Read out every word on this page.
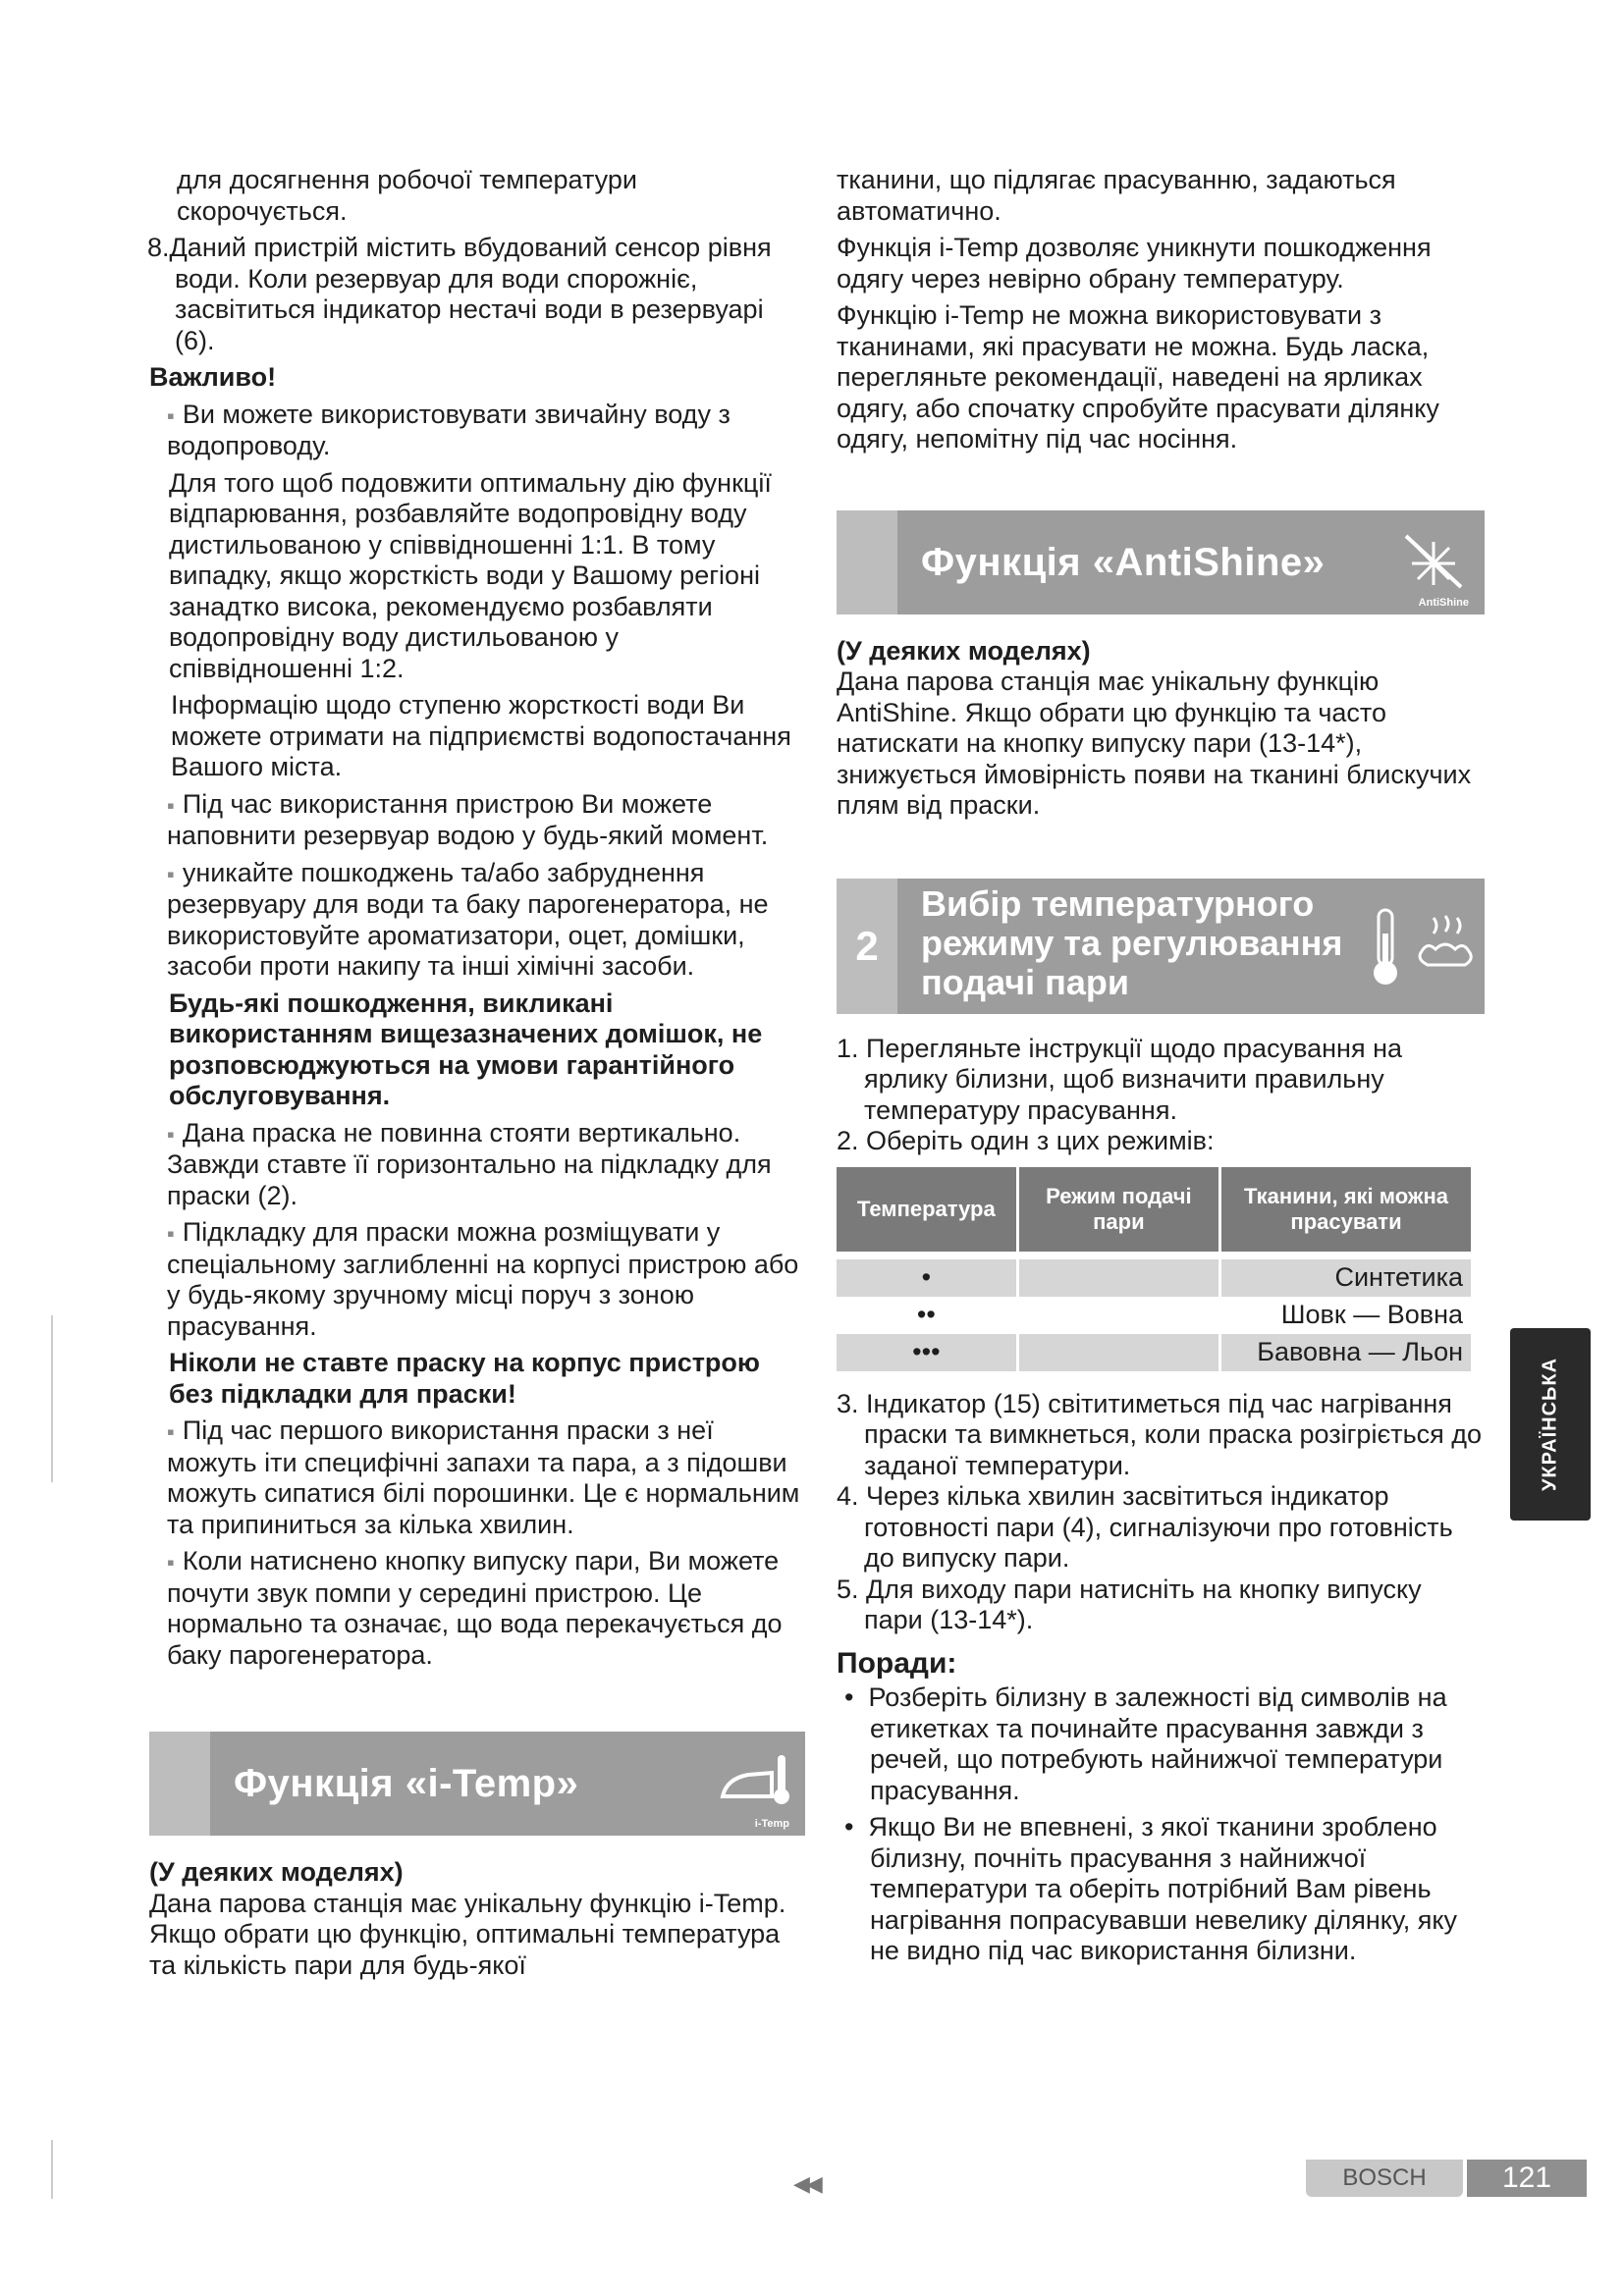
для досягнення робочої температури скорочується.

8.Даний пристрій містить вбудований сенсор рівня води. Коли резервуар для води спорожніє, засвітиться індикатор нестачі води в резервуарі (6).

Важливо!

▪ Ви можете використовувати звичайну воду з водопроводу.

Для того щоб подовжити оптимальну дію функції відпарювання, розбавляйте водопровідну воду дистильованою у співвідношенні 1:1. В тому випадку, якщо жорсткість води у Вашому регіоні занадтко висока, рекомендуємо розбавляти водопровідну воду дистильованою у співвідношенні 1:2.

Інформацію щодо ступеню жорсткості води Ви можете отримати на підприємстві водопостачання Вашого міста.

▪ Під час використання пристрою Ви можете наповнити резервуар водою у будь-який момент.

▪ уникайте пошкоджень та/або забруднення резервуару для води та баку парогенератора, не використовуйте ароматизатори, оцет, домішки, засоби проти накипу та інші хімічні засоби.

Будь-які пошкодження, викликані використанням вищезазначених домішок, не розповсюджуються на умови гарантійного обслуговування.

▪ Дана праска не повинна стояти вертикально. Завжди ставте її горизонтально на підкладку для праски (2).

▪ Підкладку для праски можна розміщувати у спеціальному заглибленні на корпусі пристрою або у будь-якому зручному місці поруч з зоною прасування.

Ніколи не ставте праску на корпус пристрою без підкладки для праски!

▪ Під час першого використання праски з неї можуть іти специфічні запахи та пара, а з підошви можуть сипатися білі порошинки. Це є нормальним та припиниться за кілька хвилин.

▪ Коли натиснено кнопку випуску пари, Ви можете почути звук помпи у середині пристрою. Це нормально та означає, що вода перекачується до баку парогенератора.

Функція «i-Temp»
i-Temp

(У деяких моделях)

Дана парова станція має унікальну функцію i-Temp. Якщо обрати цю функцію, оптимальні температура та кількість пари для будь-якої

тканини, що підлягає прасуванню, задаються автоматично.

Функція i-Temp дозволяє уникнути пошкодження одягу через невірно обрану температуру.

Функцію i-Temp не можна використовувати з тканинами, які прасувати не можна. Будь ласка, перегляньте рекомендації, наведені на ярликах одягу, або спочатку спробуйте прасувати ділянку одягу, непомітну під час носіння.

Функція «AntiShine»
AntiShine

(У деяких моделях)

Дана парова станція має унікальну функцію AntiShine. Якщо обрати цю функцію та часто натискати на кнопку випуску пари (13-14*), знижується ймовірність появи на тканині блискучих плям від праски.

2
Вибір температурного
режиму та регулювання
подачі пари

1. Перегляньте інструкції щодо прасування на ярлику білизни, щоб визначити правильну температуру прасування.

2. Оберіть один з цих режимів:

Температура	Режим подачі пари	Тканини, які можна прасувати

•		Синтетика
••		Шовк — Вовна
•••		Бавовна — Льон

3. Індикатор (15) світитиметься під час нагрівання праски та вимкнеться, коли праска розігріється до заданої температури.

4. Через кілька хвилин засвітиться індикатор готовності пари (4), сигналізуючи про готовність до випуску пари.

5. Для виходу пари натисніть на кнопку випуску пари (13-14*).

Поради:

•  Розберіть білизну в залежності від символів на етикетках та починайте прасування завжди з речей, що потребують найнижчої температури прасування.

•  Якщо Ви не впевнені, з якої тканини зроблено білизну, почніть прасування з найнижчої температури та оберіть потрібний Вам рівень нагрівання попрасувавши невелику ділянку, яку не видно під час використання білизни.

УКРАЇНСЬКА
◀◀	BOSCH	121
